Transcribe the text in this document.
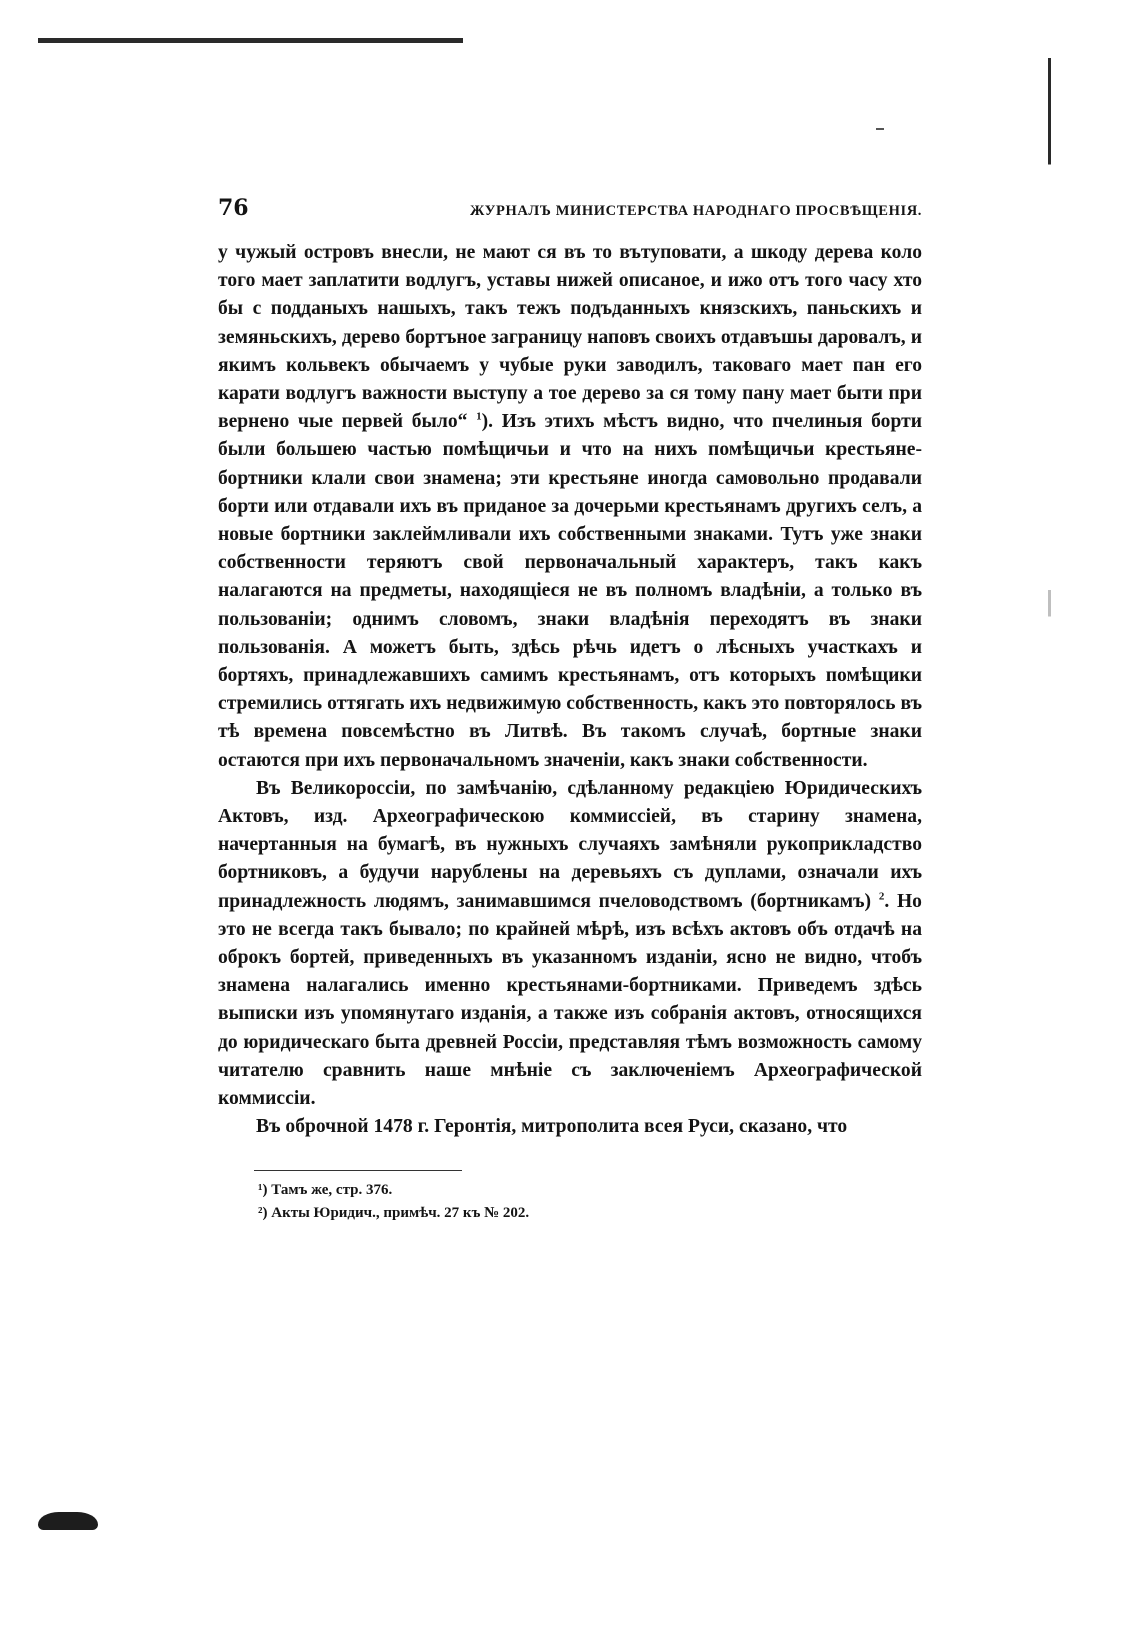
76	ЖУРНАЛЪ МИНИСТЕРСТВА НАРОДНАГО ПРОСВѢЩЕНІЯ.

у чужый островъ внесли, не мают ся въ то вътуповати, а шкоду дерева коло того мает заплатити водлугъ, уставы нижей описаное, и ижо отъ того часу хто бы с подданыхъ нашыхъ, такъ тежъ подъданныхъ князскихъ, паньскихъ и земяньскихъ, дерево бортъное заграницу наповъ своихъ отдавъшы даровалъ, и якимъ кольвекъ обычаемъ у чубые руки заводилъ, таковаго мает пан его карати водлугъ важности выступу а тое дерево за ся тому пану мает быти при верненo чые первей было“ $^1$). Изъ этихъ мѣстъ видно, что пчелиныя борти были большею частью помѣщичьи и что на нихъ помѣщичьи крестьяне-бортники клали свои знамена; эти крестьяне иногда самовольно продавали борти или отдавали ихъ въ приданое за дочерьми крестьянамъ другихъ селъ, а новые бортники заклеймливали ихъ собственными знаками. Тутъ уже знаки собственности теряютъ свой первоначальный характеръ, такъ какъ налагаются на предметы, находящіеся не въ полномъ владѣніи, а только въ пользованіи; однимъ словомъ, знаки владѣнія переходятъ въ знаки пользованія. А можетъ быть, здѣсь рѣчь идетъ о лѣсныхъ участкахъ и бортяхъ, принадлежавшихъ самимъ крестьянамъ, отъ которыхъ помѣщики стремились оттягать ихъ недвижимую собственность, какъ это повторялось въ тѣ времена повсемѣстно въ Литвѣ. Въ такомъ случаѣ, бортные знаки остаются при ихъ первоначальномъ значеніи, какъ знаки собственности.

Въ Великороссіи, по замѣчанію, сдѣланному редакціею Юридическихъ Актовъ, изд. Археографическою коммиссіей, въ старину знамена, начертанныя на бумагѣ, въ нужныхъ случаяхъ замѣняли рукоприкладство бортниковъ, а будучи нарублены на деревьяхъ съ дуплами, означали ихъ принадлежность людямъ, занимавшимся пчеловодствомъ (бортникамъ) $^2$. Но это не всегда такъ бывало; по крайней мѣрѣ, изъ всѣхъ актовъ объ отдачѣ на оброкъ бортей, приведенныхъ въ указанномъ изданіи, ясно не видно, чтобъ знамена налагались именно крестьянами-бортниками. Приведемъ здѣсь выписки изъ упомянутаго изданія, а также изъ собранія актовъ, относящихся до юридическаго быта древней Россіи, представляя тѣмъ возможность самому читателю сравнить наше мнѣніе съ заключеніемъ Археографической коммиссіи.

Въ оброчной 1478 г. Геронтія, митрополита всея Руси, сказано, что

¹) Тамъ же, стр. 376.
²) Акты Юридич., примѣч. 27 къ № 202.
